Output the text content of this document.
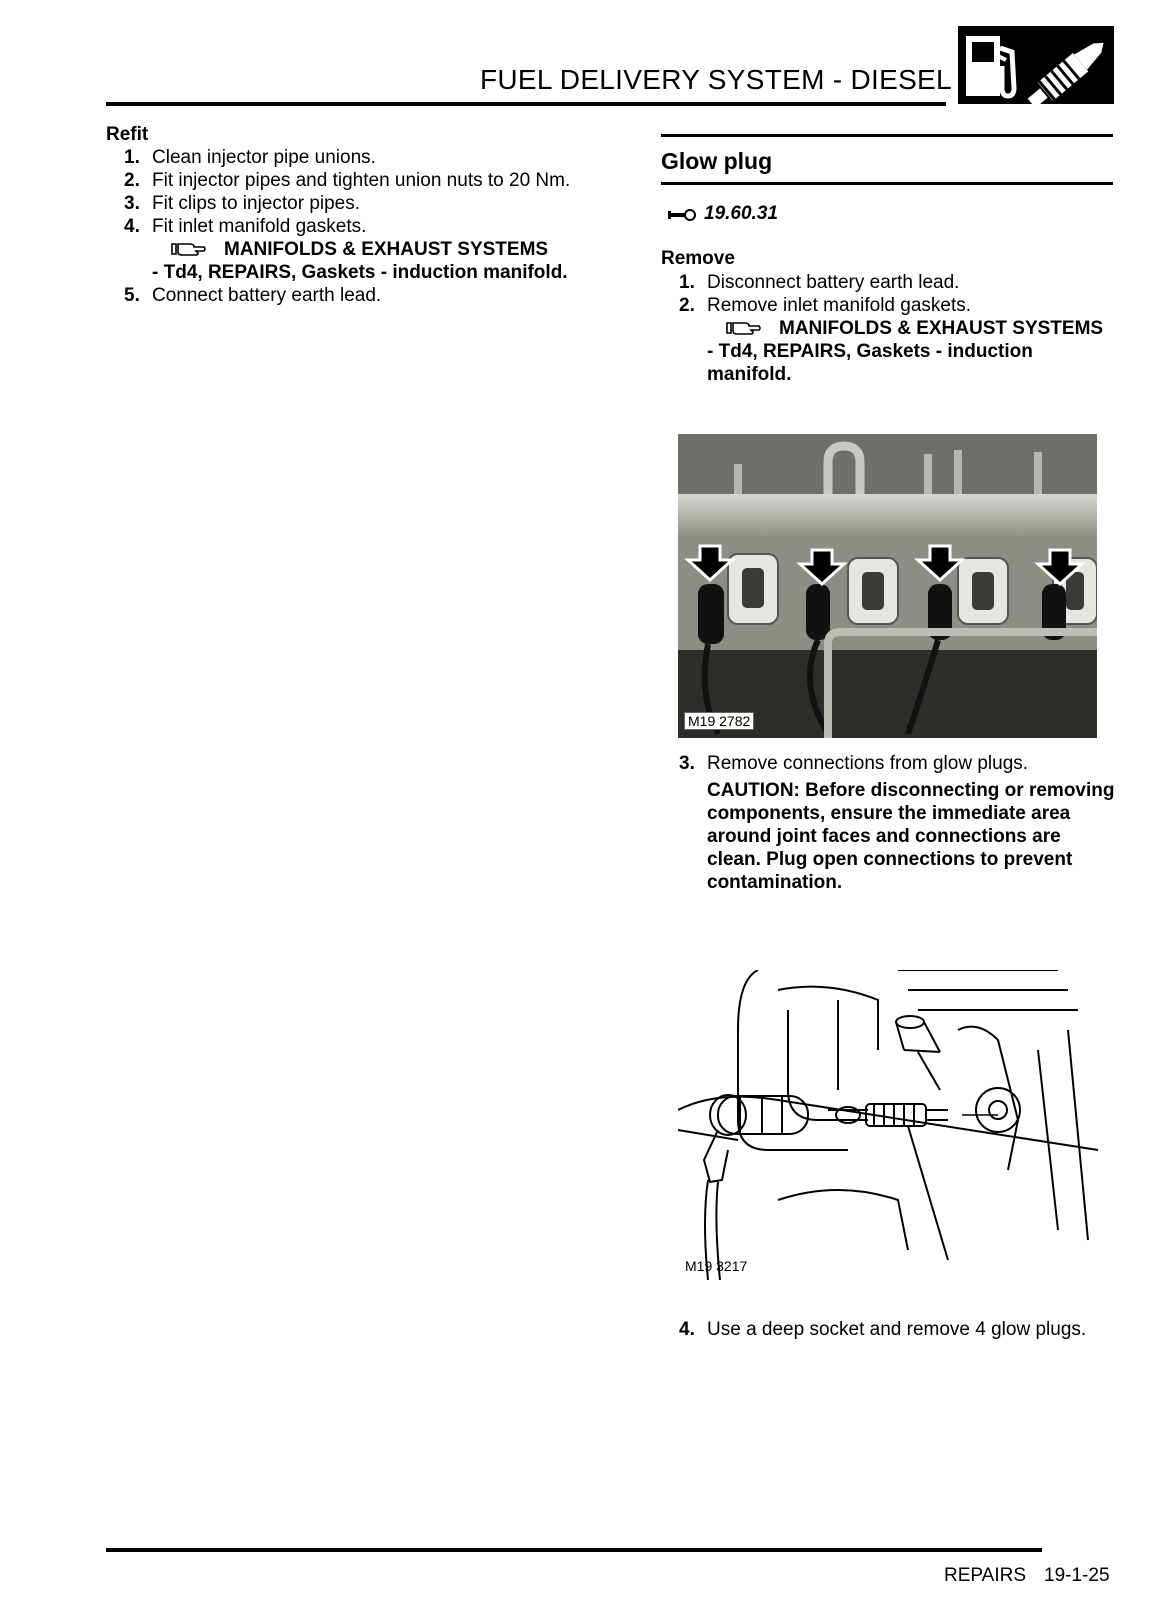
FUEL DELIVERY SYSTEM - DIESEL
Refit
1. Clean injector pipe unions.
2. Fit injector pipes and tighten union nuts to 20 Nm.
3. Fit clips to injector pipes.
4. Fit inlet manifold gaskets.
MANIFOLDS & EXHAUST SYSTEMS
- Td4, REPAIRS, Gaskets - induction manifold.
5. Connect battery earth lead.
Glow plug
19.60.31
Remove
1. Disconnect battery earth lead.
2. Remove inlet manifold gaskets.
MANIFOLDS & EXHAUST SYSTEMS
- Td4, REPAIRS, Gaskets - induction manifold.
M19 2782
3. Remove connections from glow plugs.
CAUTION: Before disconnecting or removing components, ensure the immediate area around joint faces and connections are clean. Plug open connections to prevent contamination.
M19 3217
4. Use a deep socket and remove 4 glow plugs.
REPAIRS 19-1-25
